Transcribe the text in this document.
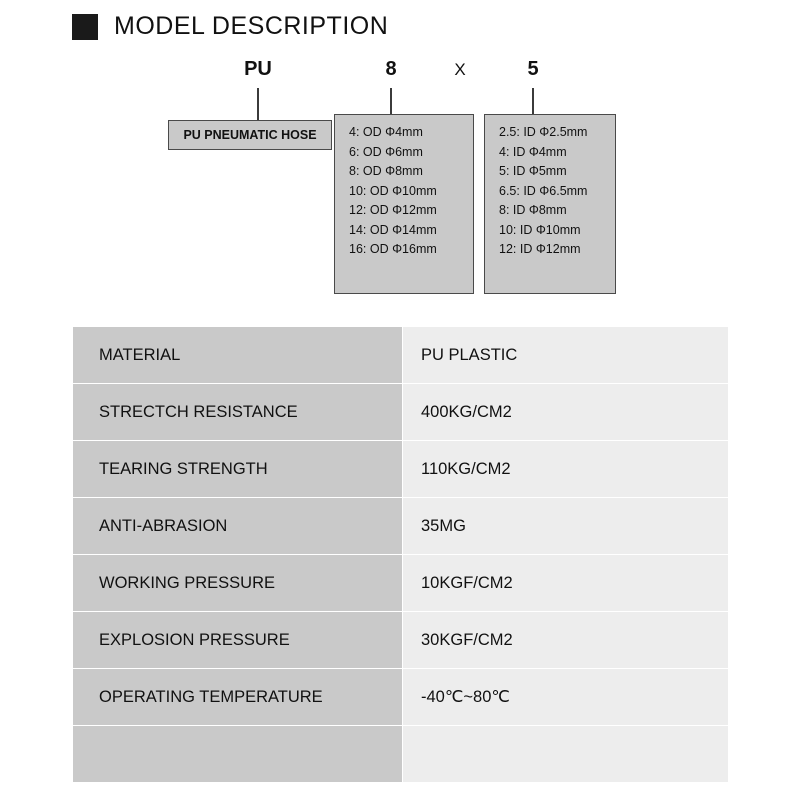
MODEL DESCRIPTION
PU	8	X	5
PU PNEUMATIC HOSE	4: OD Φ4mm
6: OD Φ6mm
8: OD Φ8mm
10: OD Φ10mm
12: OD Φ12mm
14: OD Φ14mm
16: OD Φ16mm
2.5: ID Φ2.5mm
4: ID Φ4mm
5: ID Φ5mm
6.5: ID Φ6.5mm
8: ID Φ8mm
10: ID Φ10mm
12: ID Φ12mm
MATERIAL	PU PLASTIC
STRECTCH RESISTANCE	400KG/CM2
TEARING STRENGTH	110KG/CM2
ANTI-ABRASION	35MG
WORKING PRESSURE	10KGF/CM2
EXPLOSION PRESSURE	30KGF/CM2
OPERATING TEMPERATURE	-40℃~80℃
